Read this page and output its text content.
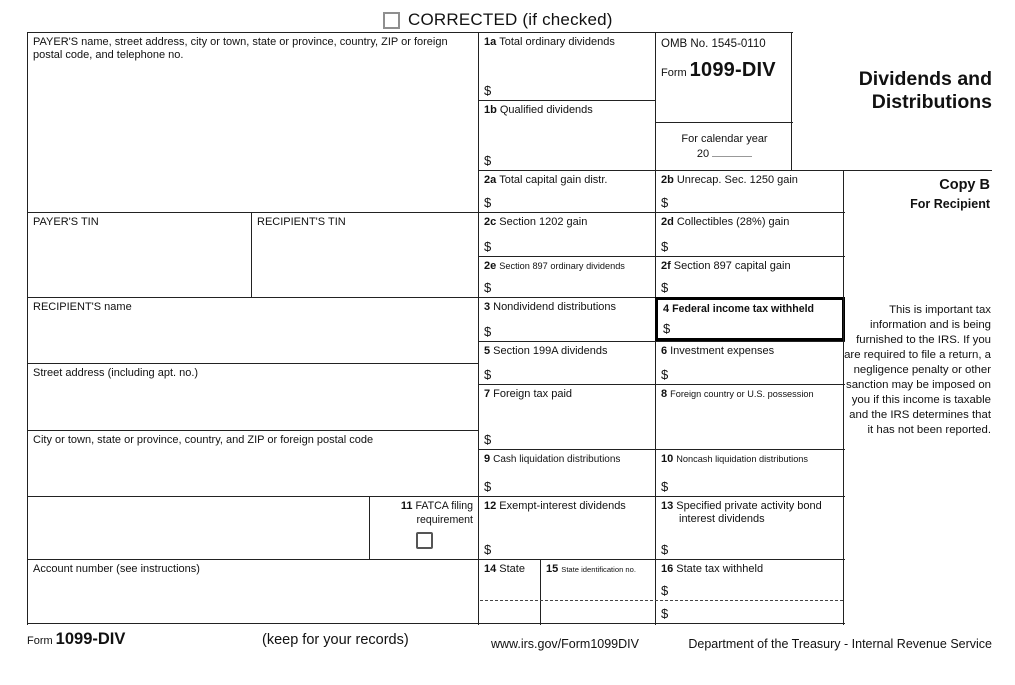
CORRECTED (if checked)
PAYER'S name, street address, city or town, state or province, country, ZIP or foreign postal code, and telephone no.
PAYER'S TIN	RECIPIENT'S TIN
RECIPIENT'S name
Street address (including apt. no.)
City or town, state or province, country, and ZIP or foreign postal code
11 FATCA filing requirement
Account number (see instructions)
1a Total ordinary dividends
$
1b Qualified dividends
$
2a Total capital gain distr.
$
2c Section 1202 gain
$
2e Section 897 ordinary dividends
$
3 Nondividend distributions
$
5 Section 199A dividends
$
7 Foreign tax paid
$
9 Cash liquidation distributions
$
12 Exempt-interest dividends
$
14 State	15 State identification no.
OMB No. 1545-0110
Form 1099-DIV
For calendar year
20
2b Unrecap. Sec. 1250 gain
$
2d Collectibles (28%) gain
$
2f Section 897 capital gain
$
4 Federal income tax withheld
$
6 Investment expenses
$
8 Foreign country or U.S. possession
10 Noncash liquidation distributions
$
13 Specified private activity bond interest dividends
$
16 State tax withheld
$
$
Dividends and
Distributions
Copy B
For Recipient
This is important tax information and is being furnished to the IRS. If you are required to file a return, a negligence penalty or other sanction may be imposed on you if this income is taxable and the IRS determines that it has not been reported.
Form 1099-DIV	(keep for your records)	www.irs.gov/Form1099DIV	Department of the Treasury - Internal Revenue Service
